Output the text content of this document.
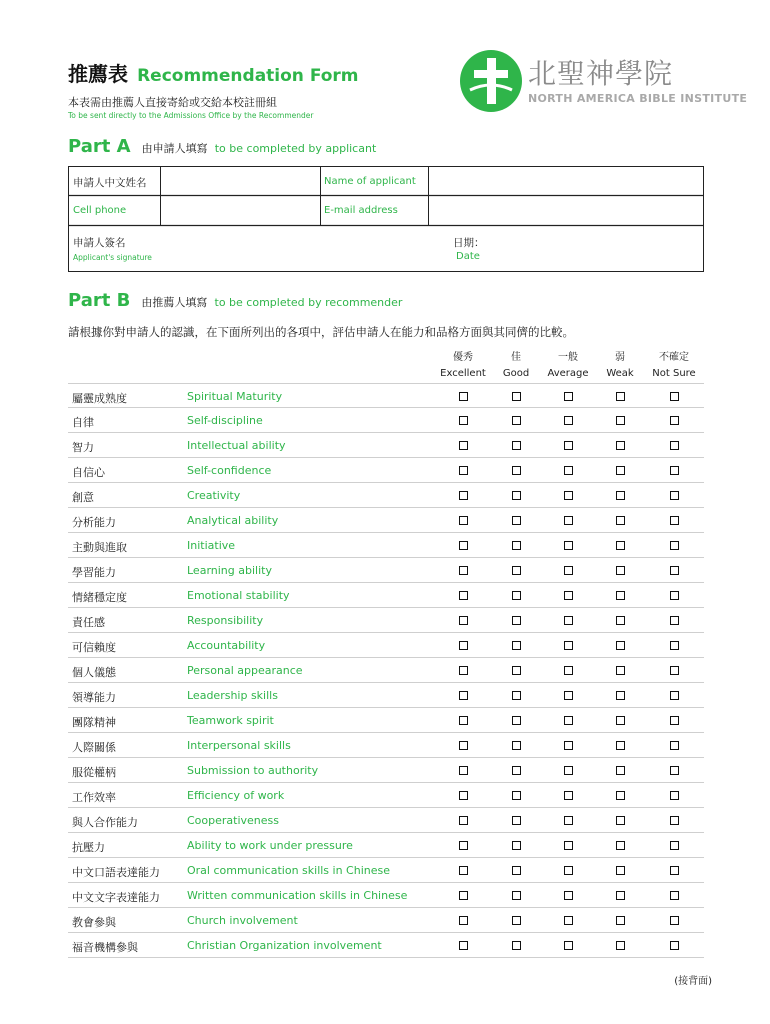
推薦表 Recommendation Form
本表需由推薦人直接寄給或交給本校註冊組
To be sent directly to the Admissions Office by the Recommender
北聖神學院
NORTH AMERICA BIBLE INSTITUTE
Part A 由申請人填寫 to be completed by applicant
申請人中文姓名	Name of applicant
Cell phone	E-mail address
申請人簽名
Applicant's signature
日期：
Date
Part B 由推薦人填寫 to be completed by recommender
請根據你對申請人的認識，在下面所列出的各項中，評估申請人在能力和品格方面與其同儕的比較。
優秀
Excellent
佳
Good
一般
Average
弱
Weak
不確定
Not Sure
屬靈成熟度	Spiritual Maturity
自律	Self-discipline
智力	Intellectual ability
自信心	Self-confidence
創意	Creativity
分析能力	Analytical ability
主動與進取	Initiative
學習能力	Learning ability
情緒穩定度	Emotional stability
責任感	Responsibility
可信賴度	Accountability
個人儀態	Personal appearance
領導能力	Leadership skills
團隊精神	Teamwork spirit
人際關係	Interpersonal skills
服從權柄	Submission to authority
工作效率	Efficiency of work
與人合作能力	Cooperativeness
抗壓力	Ability to work under pressure
中文口語表達能力 Oral communication skills in Chinese
中文文字表達能力 Written communication skills in Chinese
教會參與	Church involvement
福音機構參與	Christian Organization involvement
(接背面)
